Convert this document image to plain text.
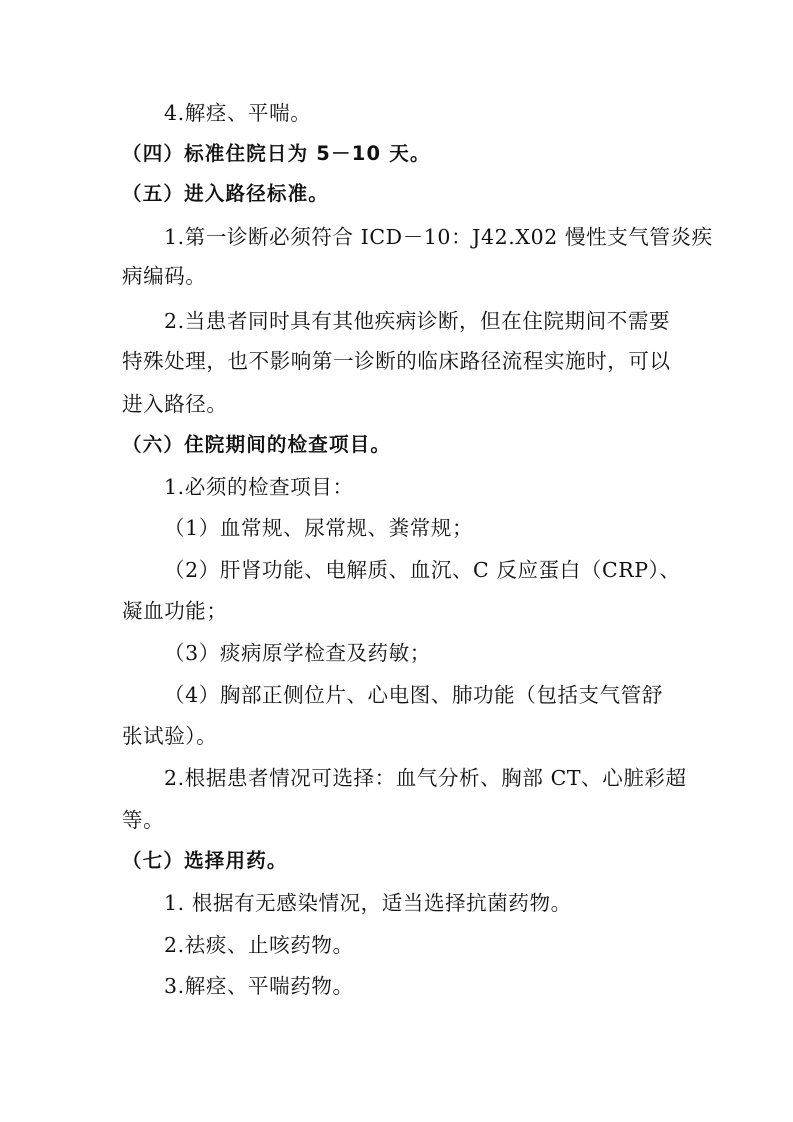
4.解痉、平喘。
（四）标准住院日为 5－10 天。
（五）进入路径标准。
1.第一诊断必须符合 ICD－10：J42.X02 慢性支气管炎疾
病编码。
2.当患者同时具有其他疾病诊断，但在住院期间不需要
特殊处理，也不影响第一诊断的临床路径流程实施时，可以
进入路径。
（六）住院期间的检查项目。
1.必须的检查项目：
（1）血常规、尿常规、粪常规；
（2）肝肾功能、电解质、血沉、C 反应蛋白（CRP）、
凝血功能；
（3）痰病原学检查及药敏；
（4）胸部正侧位片、心电图、肺功能（包括支气管舒
张试验）。
2.根据患者情况可选择：血气分析、胸部 CT、心脏彩超
等。
（七）选择用药。
1. 根据有无感染情况，适当选择抗菌药物。
2.祛痰、止咳药物。
3.解痉、平喘药物。
